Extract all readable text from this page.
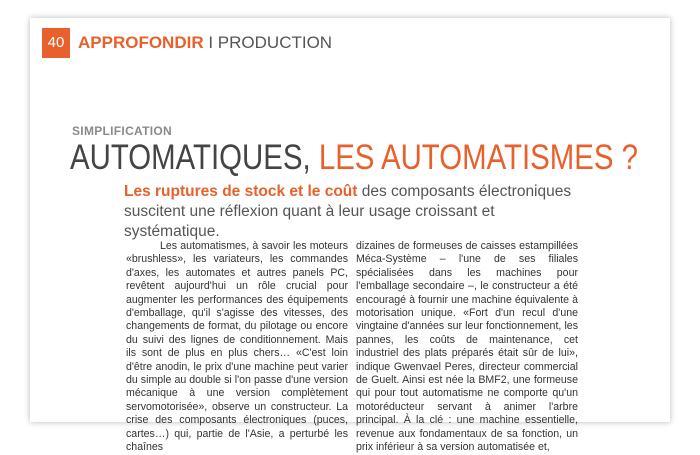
40 APPROFONDIR I PRODUCTION
SIMPLIFICATION
AUTOMATIQUES, LES AUTOMATISMES ?
Les ruptures de stock et le coût des composants électroniques suscitent une réflexion quant à leur usage croissant et systématique.
Les automatismes, à savoir les moteurs «brushless», les variateurs, les commandes d'axes, les automates et autres panels PC, revêtent aujourd'hui un rôle crucial pour augmenter les performances des équipements d'emballage, qu'il s'agisse des vitesses, des changements de format, du pilotage ou encore du suivi des lignes de conditionnement. Mais ils sont de plus en plus chers… «C'est loin d'être anodin, le prix d'une machine peut varier du simple au double si l'on passe d'une version mécanique à une version complètement servomotorisée», observe un constructeur. La crise des composants électroniques (puces, cartes…) qui, partie de l'Asie, a perturbé les chaînes
dizaines de formeuses de caisses estampillées Méca-Système – l'une de ses filiales spécialisées dans les machines pour l'emballage secondaire –, le constructeur a été encouragé à fournir une machine équivalente à motorisation unique. «Fort d'un recul d'une vingtaine d'années sur leur fonctionnement, les pannes, les coûts de maintenance, cet industriel des plats préparés était sûr de lui», indique Gwenvael Peres, directeur commercial de Guelt. Ainsi est née la BMF2, une formeuse qui pour tout automatisme ne comporte qu'un motoréducteur servant à animer l'arbre principal. À la clé : une machine essentielle, revenue aux fondamentaux de sa fonction, un prix inférieur à sa version automatisée et,
